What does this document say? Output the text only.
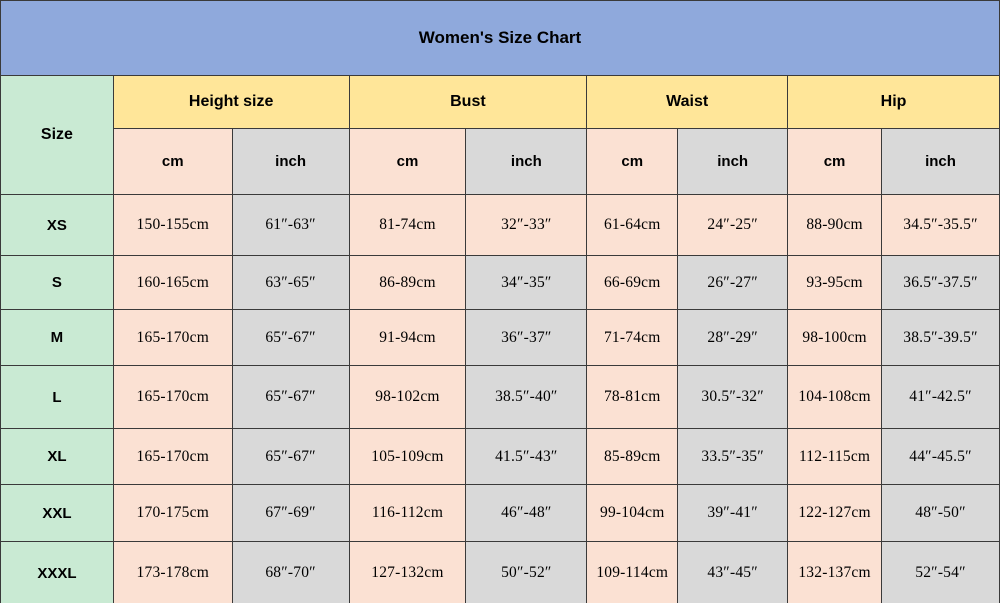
Women's Size Chart
Size	Height size		Bust		Waist		Hip	
	cm	inch	cm	inch	cm	inch	cm	inch
XS	150-155cm	61″-63″	81-74cm	32″-33″	61-64cm	24″-25″	88-90cm	34.5″-35.5″
S	160-165cm	63″-65″	86-89cm	34″-35″	66-69cm	26″-27″	93-95cm	36.5″-37.5″
M	165-170cm	65″-67″	91-94cm	36″-37″	71-74cm	28″-29″	98-100cm	38.5″-39.5″
L	165-170cm	65″-67″	98-102cm	38.5″-40″	78-81cm	30.5″-32″	104-108cm	41″-42.5″
XL	165-170cm	65″-67″	105-109cm	41.5″-43″	85-89cm	33.5″-35″	112-115cm	44″-45.5″
XXL	170-175cm	67″-69″	116-112cm	46″-48″	99-104cm	39″-41″	122-127cm	48″-50″
XXXL	173-178cm	68″-70″	127-132cm	50″-52″	109-114cm	43″-45″	132-137cm	52″-54″
